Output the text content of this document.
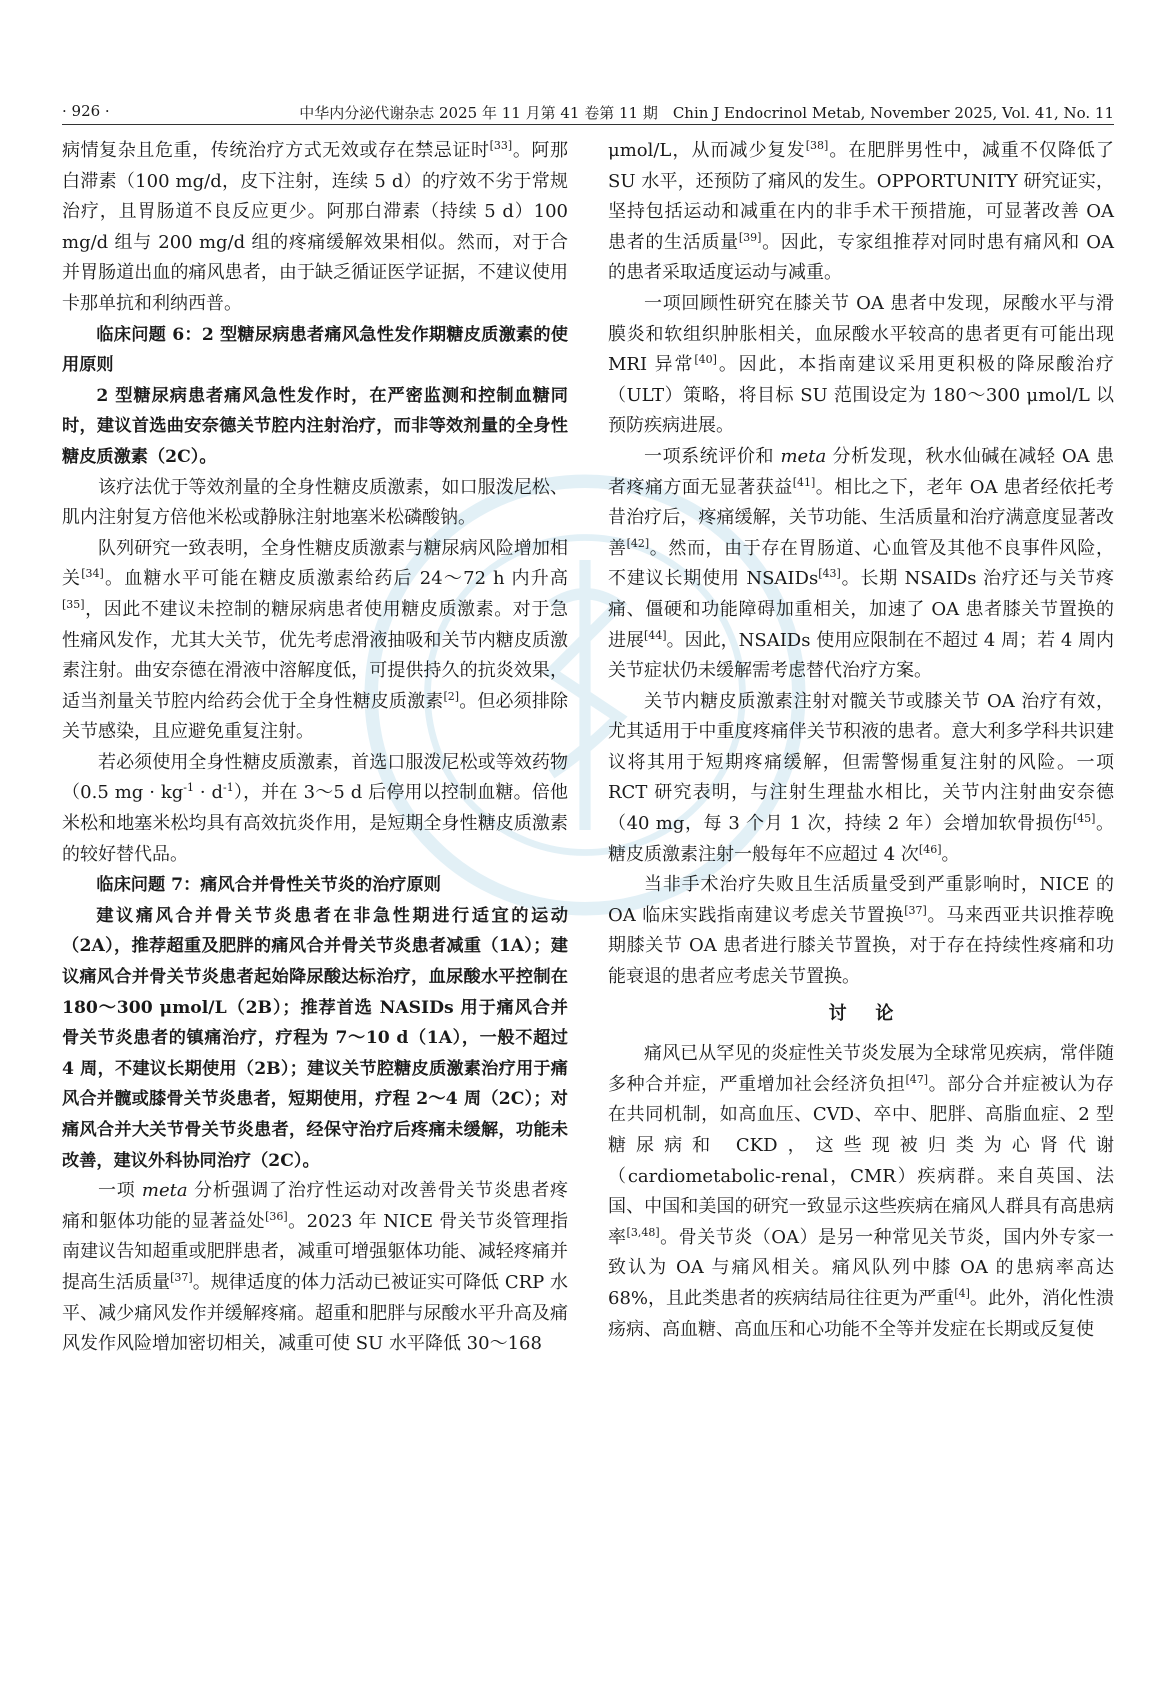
· 926 ·	中华内分泌代谢杂志 2025 年 11 月第 41 卷第 11 期　Chin J Endocrinol Metab, November 2025, Vol. 41, No. 11

病情复杂且危重，传统治疗方式无效或存在禁忌证时[33]。阿那白滞素（100 mg/d，皮下注射，连续 5 d）的疗效不劣于常规治疗，且胃肠道不良反应更少。阿那白滞素（持续 5 d）100 mg/d 组与 200 mg/d 组的疼痛缓解效果相似。然而，对于合并胃肠道出血的痛风患者，由于缺乏循证医学证据，不建议使用卡那单抗和利纳西普。

临床问题 6：2 型糖尿病患者痛风急性发作期糖皮质激素的使用原则

2 型糖尿病患者痛风急性发作时，在严密监测和控制血糖同时，建议首选曲安奈德关节腔内注射治疗，而非等效剂量的全身性糖皮质激素（2C）。

该疗法优于等效剂量的全身性糖皮质激素，如口服泼尼松、肌内注射复方倍他米松或静脉注射地塞米松磷酸钠。

队列研究一致表明，全身性糖皮质激素与糖尿病风险增加相关[34]。血糖水平可能在糖皮质激素给药后 24～72 h 内升高[35]，因此不建议未控制的糖尿病患者使用糖皮质激素。对于急性痛风发作，尤其大关节，优先考虑滑液抽吸和关节内糖皮质激素注射。曲安奈德在滑液中溶解度低，可提供持久的抗炎效果，适当剂量关节腔内给药会优于全身性糖皮质激素[2]。但必须排除关节感染，且应避免重复注射。

若必须使用全身性糖皮质激素，首选口服泼尼松或等效药物（0.5 mg · $kg^{-1} \cdot d^{-1}$），并在 3～5 d 后停用以控制血糖。倍他米松和地塞米松均具有高效抗炎作用，是短期全身性糖皮质激素的较好替代品。

临床问题 7：痛风合并骨性关节炎的治疗原则

建议痛风合并骨关节炎患者在非急性期进行适宜的运动（2A），推荐超重及肥胖的痛风合并骨关节炎患者减重（1A）；建议痛风合并骨关节炎患者起始降尿酸达标治疗，血尿酸水平控制在 180～300 μmol/L（2B）；推荐首选 NASIDs 用于痛风合并骨关节炎患者的镇痛治疗，疗程为 7～10 d（1A），一般不超过 4 周，不建议长期使用（2B）；建议关节腔糖皮质激素治疗用于痛风合并髋或膝骨关节炎患者，短期使用，疗程 2～4 周（2C）；对痛风合并大关节骨关节炎患者，经保守治疗后疼痛未缓解，功能未改善，建议外科协同治疗（2C）。

一项 meta 分析强调了治疗性运动对改善骨关节炎患者疼痛和躯体功能的显著益处[36]。2023 年 NICE 骨关节炎管理指南建议告知超重或肥胖患者，减重可增强躯体功能、减轻疼痛并提高生活质量[37]。规律适度的体力活动已被证实可降低 CRP 水平、减少痛风发作并缓解疼痛。超重和肥胖与尿酸水平升高及痛风发作风险增加密切相关，减重可使 SU 水平降低 30～168

μmol/L，从而减少复发[38]。在肥胖男性中，减重不仅降低了 SU 水平，还预防了痛风的发生。OPPORTUNITY 研究证实，坚持包括运动和减重在内的非手术干预措施，可显著改善 OA 患者的生活质量[39]。因此，专家组推荐对同时患有痛风和 OA 的患者采取适度运动与减重。

一项回顾性研究在膝关节 OA 患者中发现，尿酸水平与滑膜炎和软组织肿胀相关，血尿酸水平较高的患者更有可能出现 MRI 异常[40]。因此，本指南建议采用更积极的降尿酸治疗（ULT）策略，将目标 SU 范围设定为 180～300 μmol/L 以预防疾病进展。

一项系统评价和 meta 分析发现，秋水仙碱在减轻 OA 患者疼痛方面无显著获益[41]。相比之下，老年 OA 患者经依托考昔治疗后，疼痛缓解，关节功能、生活质量和治疗满意度显著改善[42]。然而，由于存在胃肠道、心血管及其他不良事件风险，不建议长期使用 NSAIDs[43]。长期 NSAIDs 治疗还与关节疼痛、僵硬和功能障碍加重相关，加速了 OA 患者膝关节置换的进展[44]。因此，NSAIDs 使用应限制在不超过 4 周；若 4 周内关节症状仍未缓解需考虑替代治疗方案。

关节内糖皮质激素注射对髋关节或膝关节 OA 治疗有效，尤其适用于中重度疼痛伴关节积液的患者。意大利多学科共识建议将其用于短期疼痛缓解，但需警惕重复注射的风险。一项 RCT 研究表明，与注射生理盐水相比，关节内注射曲安奈德（40 mg，每 3 个月 1 次，持续 2 年）会增加软骨损伤[45]。糖皮质激素注射一般每年不应超过 4 次[46]。

当非手术治疗失败且生活质量受到严重影响时，NICE 的 OA 临床实践指南建议考虑关节置换[37]。马来西亚共识推荐晚期膝关节 OA 患者进行膝关节置换，对于存在持续性疼痛和功能衰退的患者应考虑关节置换。

讨论

痛风已从罕见的炎症性关节炎发展为全球常见疾病，常伴随多种合并症，严重增加社会经济负担[47]。部分合并症被认为存在共同机制，如高血压、CVD、卒中、肥胖、高脂血症、2 型糖尿病和 CKD，这些现被归类为心肾代谢（cardiometabolic-renal，CMR）疾病群。来自英国、法国、中国和美国的研究一致显示这些疾病在痛风人群具有高患病率[3,48]。骨关节炎（OA）是另一种常见关节炎，国内外专家一致认为 OA 与痛风相关。痛风队列中膝 OA 的患病率高达 68%，且此类患者的疾病结局往往更为严重[4]。此外，消化性溃疡病、高血糖、高血压和心功能不全等并发症在长期或反复使
